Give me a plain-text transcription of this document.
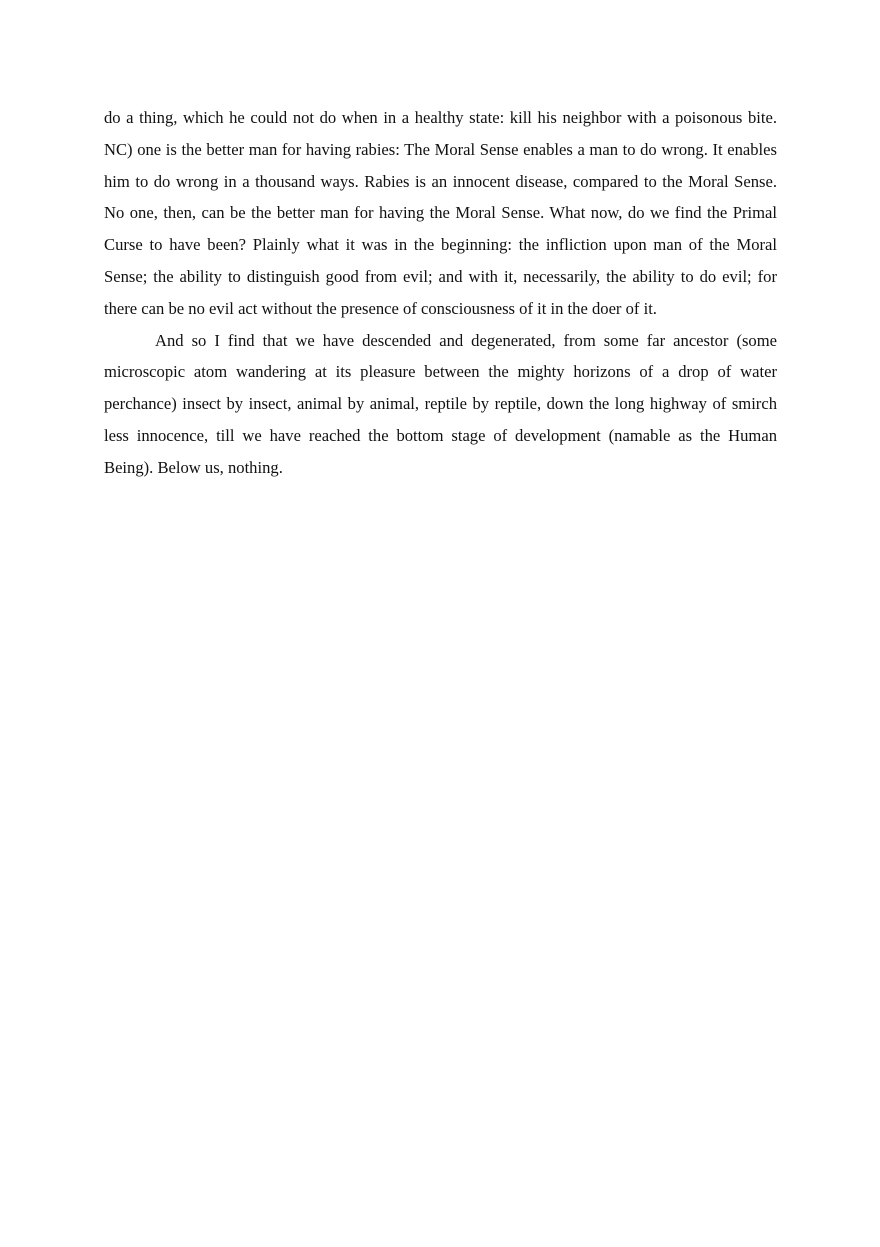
do a thing, which he could not do when in a healthy state: kill his neighbor with a poisonous bite. NC) one is the better man for having rabies: The Moral Sense enables a man to do wrong. It enables him to do wrong in a thousand ways. Rabies is an innocent disease, compared to the Moral Sense. No one, then, can be the better man for having the Moral Sense. What now, do we find the Primal Curse to have been? Plainly what it was in the beginning: the infliction upon man of the Moral Sense; the ability to distinguish good from evil; and with it, necessarily, the ability to do evil; for there can be no evil act without the presence of consciousness of it in the doer of it.

And so I find that we have descended and degenerated, from some far ancestor (some microscopic atom wandering at its pleasure between the mighty horizons of a drop of water perchance) insect by insect, animal by animal, reptile by reptile, down the long highway of smirch less innocence, till we have reached the bottom stage of development (namable as the Human Being). Below us, nothing.
